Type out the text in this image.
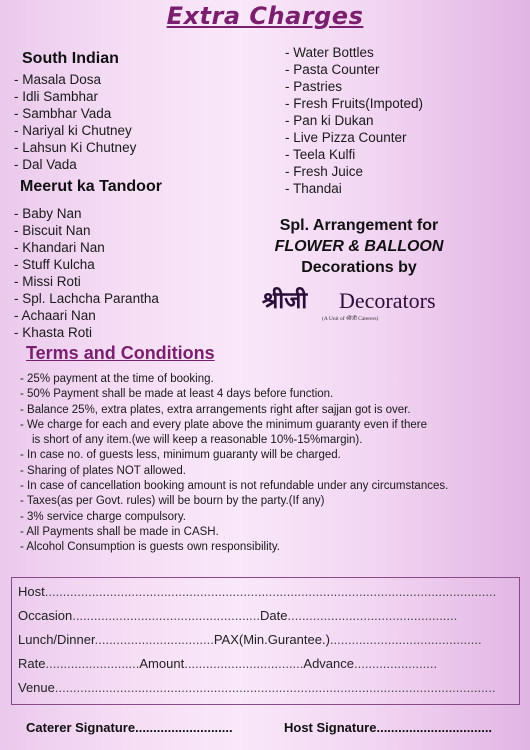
Extra Charges
South Indian
- Masala Dosa
- Idli Sambhar
- Sambhar Vada
- Nariyal ki Chutney
- Lahsun Ki Chutney
- Dal Vada
Meerut ka Tandoor
- Baby Nan
- Biscuit Nan
- Khandari Nan
- Stuff Kulcha
- Missi Roti
- Spl. Lachcha Parantha
- Achaari Nan
- Khasta Roti
- Water Bottles
- Pasta Counter
- Pastries
- Fresh Fruits(Impoted)
- Pan ki Dukan
- Live Pizza Counter
- Teela Kulfi
- Fresh Juice
- Thandai
Spl. Arrangement for
FLOWER & BALLOON
Decorations by
श्रीजी Decorators
(A Unit of श्रीजी Caterers)
Terms and Conditions
- 25% payment at the time of booking.
- 50% Payment shall be made at least 4 days before function.
- Balance 25%, extra plates, extra arrangements right after sajjan got is over.
- We charge for each and every plate above the minimum guaranty even if there
is short of any item.(we will keep a reasonable 10%-15%margin).
- In case no. of guests less, minimum guaranty will be charged.
- Sharing of plates NOT allowed.
- In case of cancellation booking amount is not refundable under any circumstances.
- Taxes(as per Govt. rules) will be bourn by the party.(If any)
- 3% service charge compulsory.
- All Payments shall be made in CASH.
- Alcohol Consumption is guests own responsibility.
Host.............................................................................................................................
Occasion....................................................Date...............................................
Lunch/Dinner.................................PAX(Min.Gurantee.)..........................................
Rate..........................Amount.................................Advance.......................
Venue..........................................................................................................................
Caterer Signature...........................	Host Signature................................
